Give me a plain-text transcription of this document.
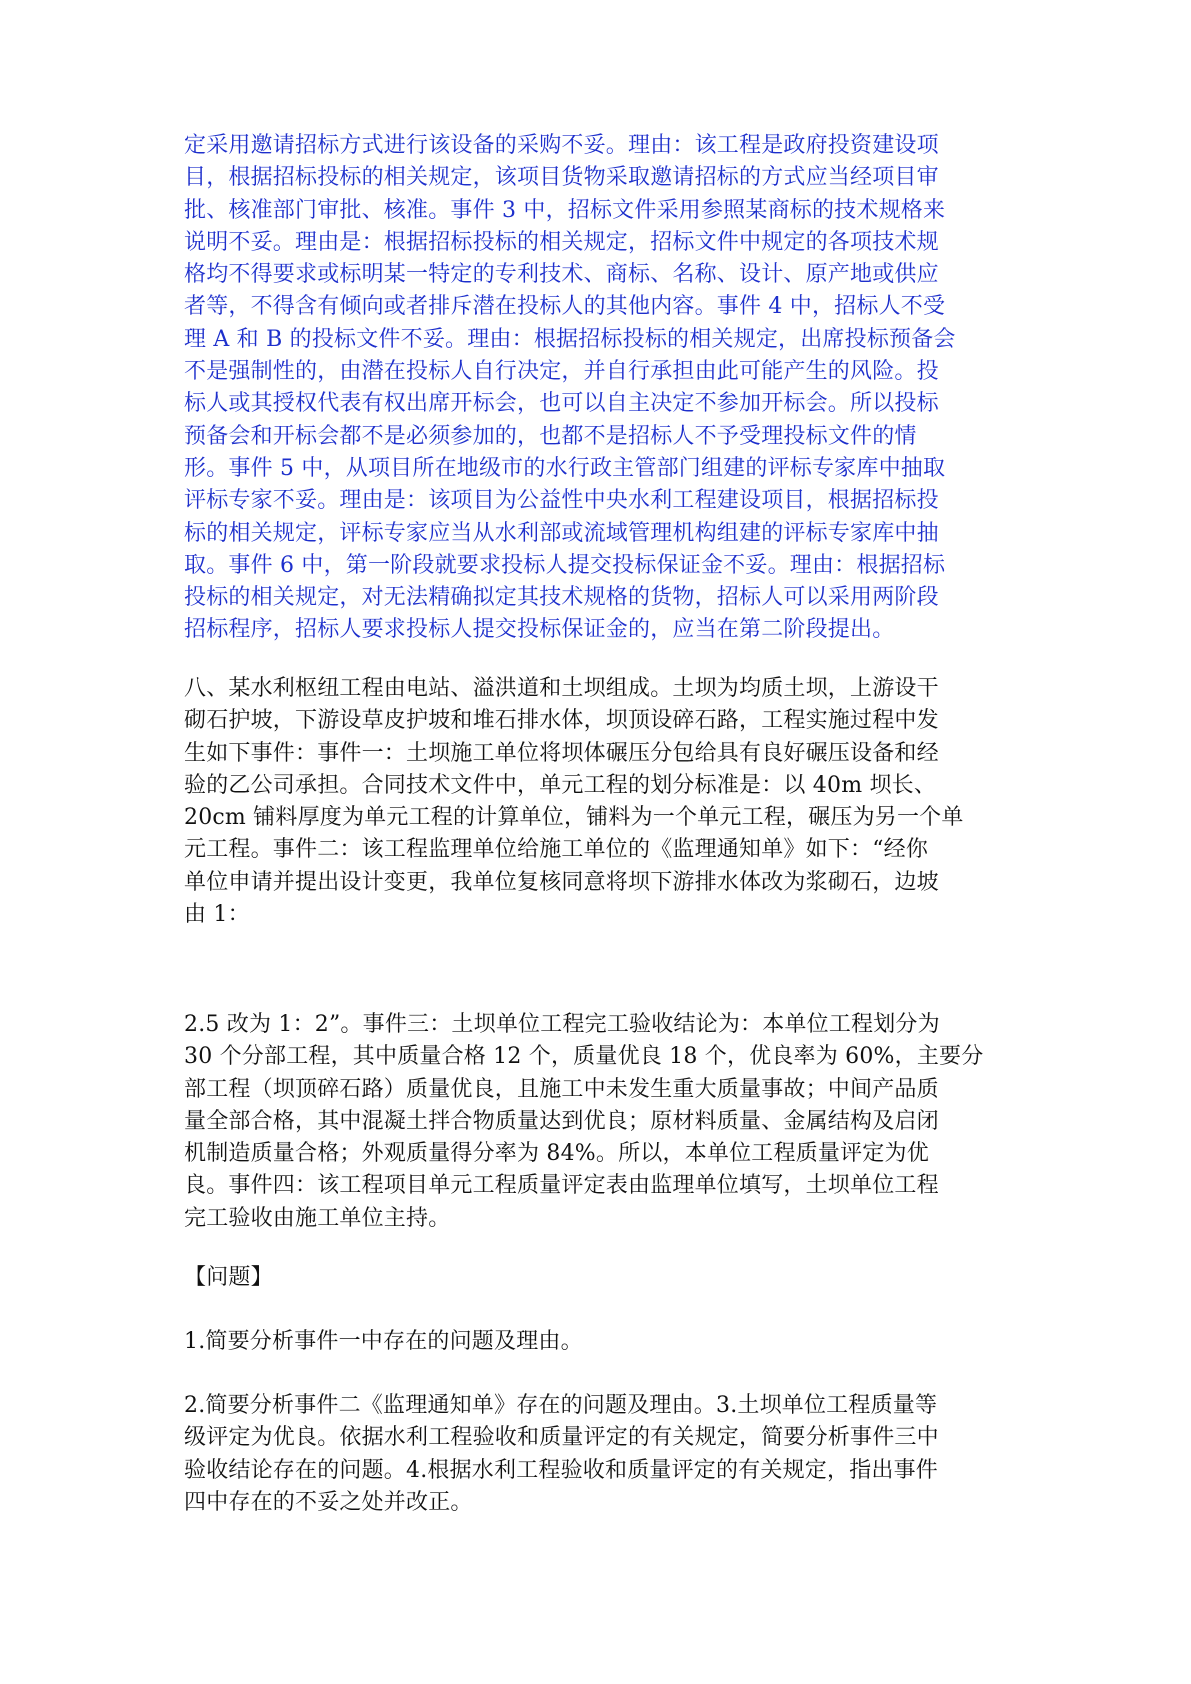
定采用邀请招标方式进行该设备的采购不妥。理由：该工程是政府投资建设项
目，根据招标投标的相关规定，该项目货物采取邀请招标的方式应当经项目审
批、核准部门审批、核准。事件 3 中，招标文件采用参照某商标的技术规格来
说明不妥。理由是：根据招标投标的相关规定，招标文件中规定的各项技术规
格均不得要求或标明某一特定的专利技术、商标、名称、设计、原产地或供应
者等，不得含有倾向或者排斥潜在投标人的其他内容。事件 4 中，招标人不受
理 A 和 B 的投标文件不妥。理由：根据招标投标的相关规定，出席投标预备会
不是强制性的，由潜在投标人自行决定，并自行承担由此可能产生的风险。投
标人或其授权代表有权出席开标会，也可以自主决定不参加开标会。所以投标
预备会和开标会都不是必须参加的，也都不是招标人不予受理投标文件的情
形。事件 5 中，从项目所在地级市的水行政主管部门组建的评标专家库中抽取
评标专家不妥。理由是：该项目为公益性中央水利工程建设项目，根据招标投
标的相关规定，评标专家应当从水利部或流域管理机构组建的评标专家库中抽
取。事件 6 中，第一阶段就要求投标人提交投标保证金不妥。理由：根据招标
投标的相关规定，对无法精确拟定其技术规格的货物，招标人可以采用两阶段
招标程序，招标人要求投标人提交投标保证金的，应当在第二阶段提出。

八、某水利枢纽工程由电站、溢洪道和土坝组成。土坝为均质土坝，上游设干
砌石护坡，下游设草皮护坡和堆石排水体，坝顶设碎石路，工程实施过程中发
生如下事件：事件一：土坝施工单位将坝体碾压分包给具有良好碾压设备和经
验的乙公司承担。合同技术文件中，单元工程的划分标准是：以 40m 坝长、
20cm 铺料厚度为单元工程的计算单位，铺料为一个单元工程，碾压为另一个单
元工程。事件二：该工程监理单位给施工单位的《监理通知单》如下：“经你
单位申请并提出设计变更，我单位复核同意将坝下游排水体改为浆砌石，边坡
由 1：

2.5 改为 1：2”。事件三：土坝单位工程完工验收结论为：本单位工程划分为
30 个分部工程，其中质量合格 12 个，质量优良 18 个，优良率为 60%，主要分
部工程（坝顶碎石路）质量优良，且施工中未发生重大质量事故；中间产品质
量全部合格，其中混凝土拌合物质量达到优良；原材料质量、金属结构及启闭
机制造质量合格；外观质量得分率为 84%。所以，本单位工程质量评定为优
良。事件四：该工程项目单元工程质量评定表由监理单位填写，土坝单位工程
完工验收由施工单位主持。

【问题】

1.简要分析事件一中存在的问题及理由。

2.简要分析事件二《监理通知单》存在的问题及理由。3.土坝单位工程质量等
级评定为优良。依据水利工程验收和质量评定的有关规定，简要分析事件三中
验收结论存在的问题。4.根据水利工程验收和质量评定的有关规定，指出事件
四中存在的不妥之处并改正。
